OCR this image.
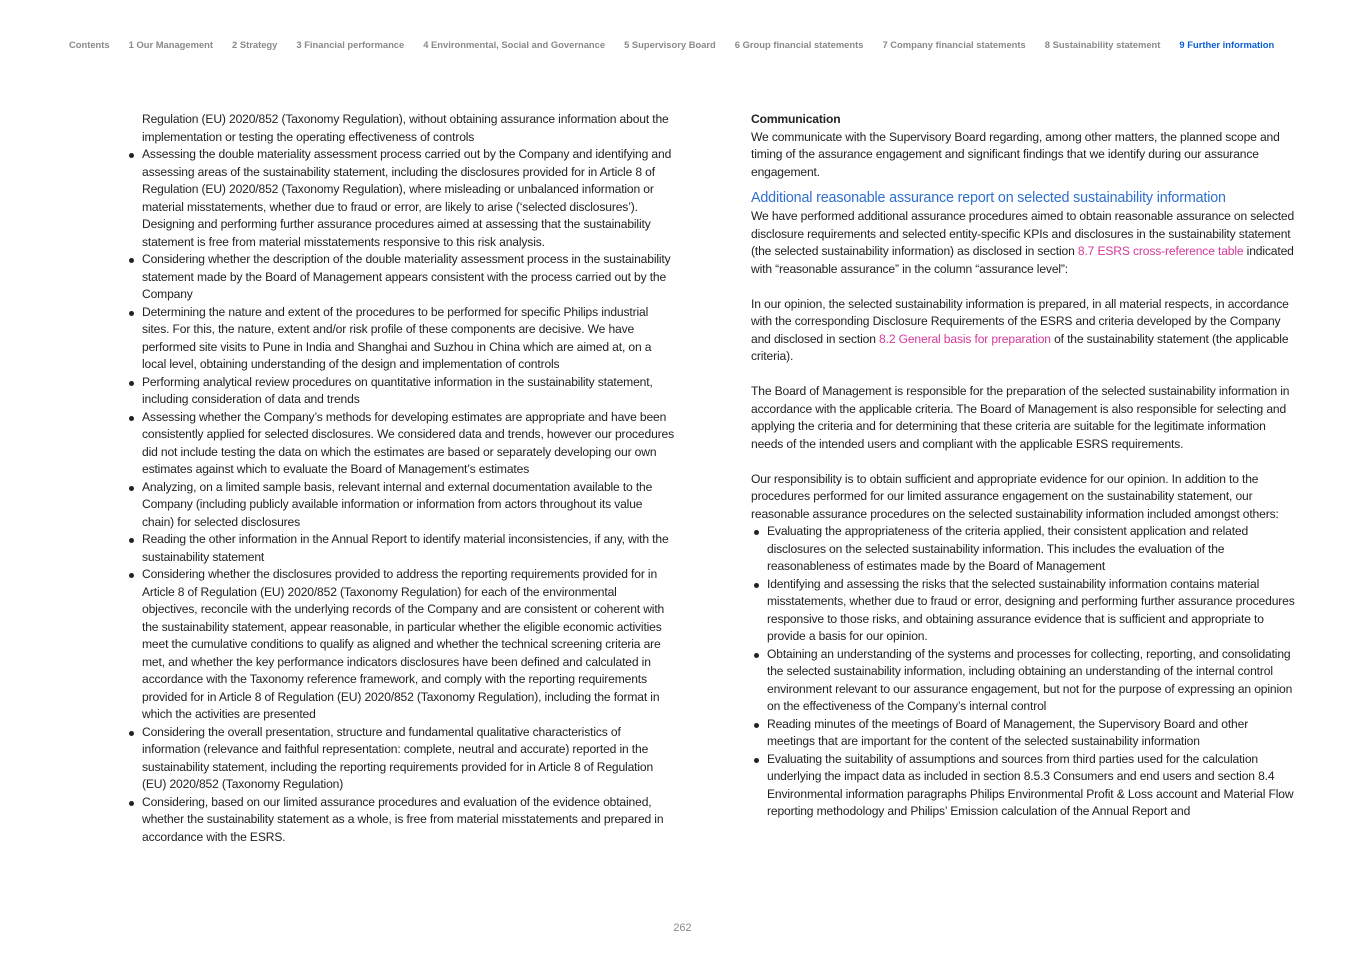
Contents 1 Our Management 2 Strategy 3 Financial performance 4 Environmental, Social and Governance 5 Supervisory Board 6 Group financial statements 7 Company financial statements 8 Sustainability statement 9 Further information

Regulation (EU) 2020/852 (Taxonomy Regulation), without obtaining assurance information about the implementation or testing the operating effectiveness of controls

Assessing the double materiality assessment process carried out by the Company and identifying and assessing areas of the sustainability statement, including the disclosures provided for in Article 8 of Regulation (EU) 2020/852 (Taxonomy Regulation), where misleading or unbalanced information or material misstatements, whether due to fraud or error, are likely to arise (‘selected disclosures’). Designing and performing further assurance procedures aimed at assessing that the sustainability statement is free from material misstatements responsive to this risk analysis.
Considering whether the description of the double materiality assessment process in the sustainability statement made by the Board of Management appears consistent with the process carried out by the Company
Determining the nature and extent of the procedures to be performed for specific Philips industrial sites. For this, the nature, extent and/or risk profile of these components are decisive. We have performed site visits to Pune in India and Shanghai and Suzhou in China which are aimed at, on a local level, obtaining understanding of the design and implementation of controls
Performing analytical review procedures on quantitative information in the sustainability statement, including consideration of data and trends
Assessing whether the Company’s methods for developing estimates are appropriate and have been consistently applied for selected disclosures. We considered data and trends, however our procedures did not include testing the data on which the estimates are based or separately developing our own estimates against which to evaluate the Board of Management’s estimates
Analyzing, on a limited sample basis, relevant internal and external documentation available to the Company (including publicly available information or information from actors throughout its value chain) for selected disclosures
Reading the other information in the Annual Report to identify material inconsistencies, if any, with the sustainability statement
Considering whether the disclosures provided to address the reporting requirements provided for in Article 8 of Regulation (EU) 2020/852 (Taxonomy Regulation) for each of the environmental objectives, reconcile with the underlying records of the Company and are consistent or coherent with the sustainability statement, appear reasonable, in particular whether the eligible economic activities meet the cumulative conditions to qualify as aligned and whether the technical screening criteria are met, and whether the key performance indicators disclosures have been defined and calculated in accordance with the Taxonomy reference framework, and comply with the reporting requirements provided for in Article 8 of Regulation (EU) 2020/852 (Taxonomy Regulation), including the format in which the activities are presented
Considering the overall presentation, structure and fundamental qualitative characteristics of information (relevance and faithful representation: complete, neutral and accurate) reported in the sustainability statement, including the reporting requirements provided for in Article 8 of Regulation (EU) 2020/852 (Taxonomy Regulation)
Considering, based on our limited assurance procedures and evaluation of the evidence obtained, whether the sustainability statement as a whole, is free from material misstatements and prepared in accordance with the ESRS.
Communication

We communicate with the Supervisory Board regarding, among other matters, the planned scope and timing of the assurance engagement and significant findings that we identify during our assurance engagement.

Additional reasonable assurance report on selected sustainability information

We have performed additional assurance procedures aimed to obtain reasonable assurance on selected disclosure requirements and selected entity-specific KPIs and disclosures in the sustainability statement (the selected sustainability information) as disclosed in section 8.7 ESRS cross-reference table indicated with “reasonable assurance” in the column “assurance level”:

In our opinion, the selected sustainability information is prepared, in all material respects, in accordance with the corresponding Disclosure Requirements of the ESRS and criteria developed by the Company and disclosed in section 8.2 General basis for preparation of the sustainability statement (the applicable criteria).

The Board of Management is responsible for the preparation of the selected sustainability information in accordance with the applicable criteria. The Board of Management is also responsible for selecting and applying the criteria and for determining that these criteria are suitable for the legitimate information needs of the intended users and compliant with the applicable ESRS requirements.

Our responsibility is to obtain sufficient and appropriate evidence for our opinion. In addition to the procedures performed for our limited assurance engagement on the sustainability statement, our reasonable assurance procedures on the selected sustainability information included amongst others:

Evaluating the appropriateness of the criteria applied, their consistent application and related disclosures on the selected sustainability information. This includes the evaluation of the reasonableness of estimates made by the Board of Management
Identifying and assessing the risks that the selected sustainability information contains material misstatements, whether due to fraud or error, designing and performing further assurance procedures responsive to those risks, and obtaining assurance evidence that is sufficient and appropriate to provide a basis for our opinion.
Obtaining an understanding of the systems and processes for collecting, reporting, and consolidating the selected sustainability information, including obtaining an understanding of the internal control environment relevant to our assurance engagement, but not for the purpose of expressing an opinion on the effectiveness of the Company’s internal control
Reading minutes of the meetings of Board of Management, the Supervisory Board and other meetings that are important for the content of the selected sustainability information
Evaluating the suitability of assumptions and sources from third parties used for the calculation underlying the impact data as included in section 8.5.3 Consumers and end users and section 8.4 Environmental information paragraphs Philips Environmental Profit & Loss account and Material Flow reporting methodology and Philips’ Emission calculation of the Annual Report and
262
